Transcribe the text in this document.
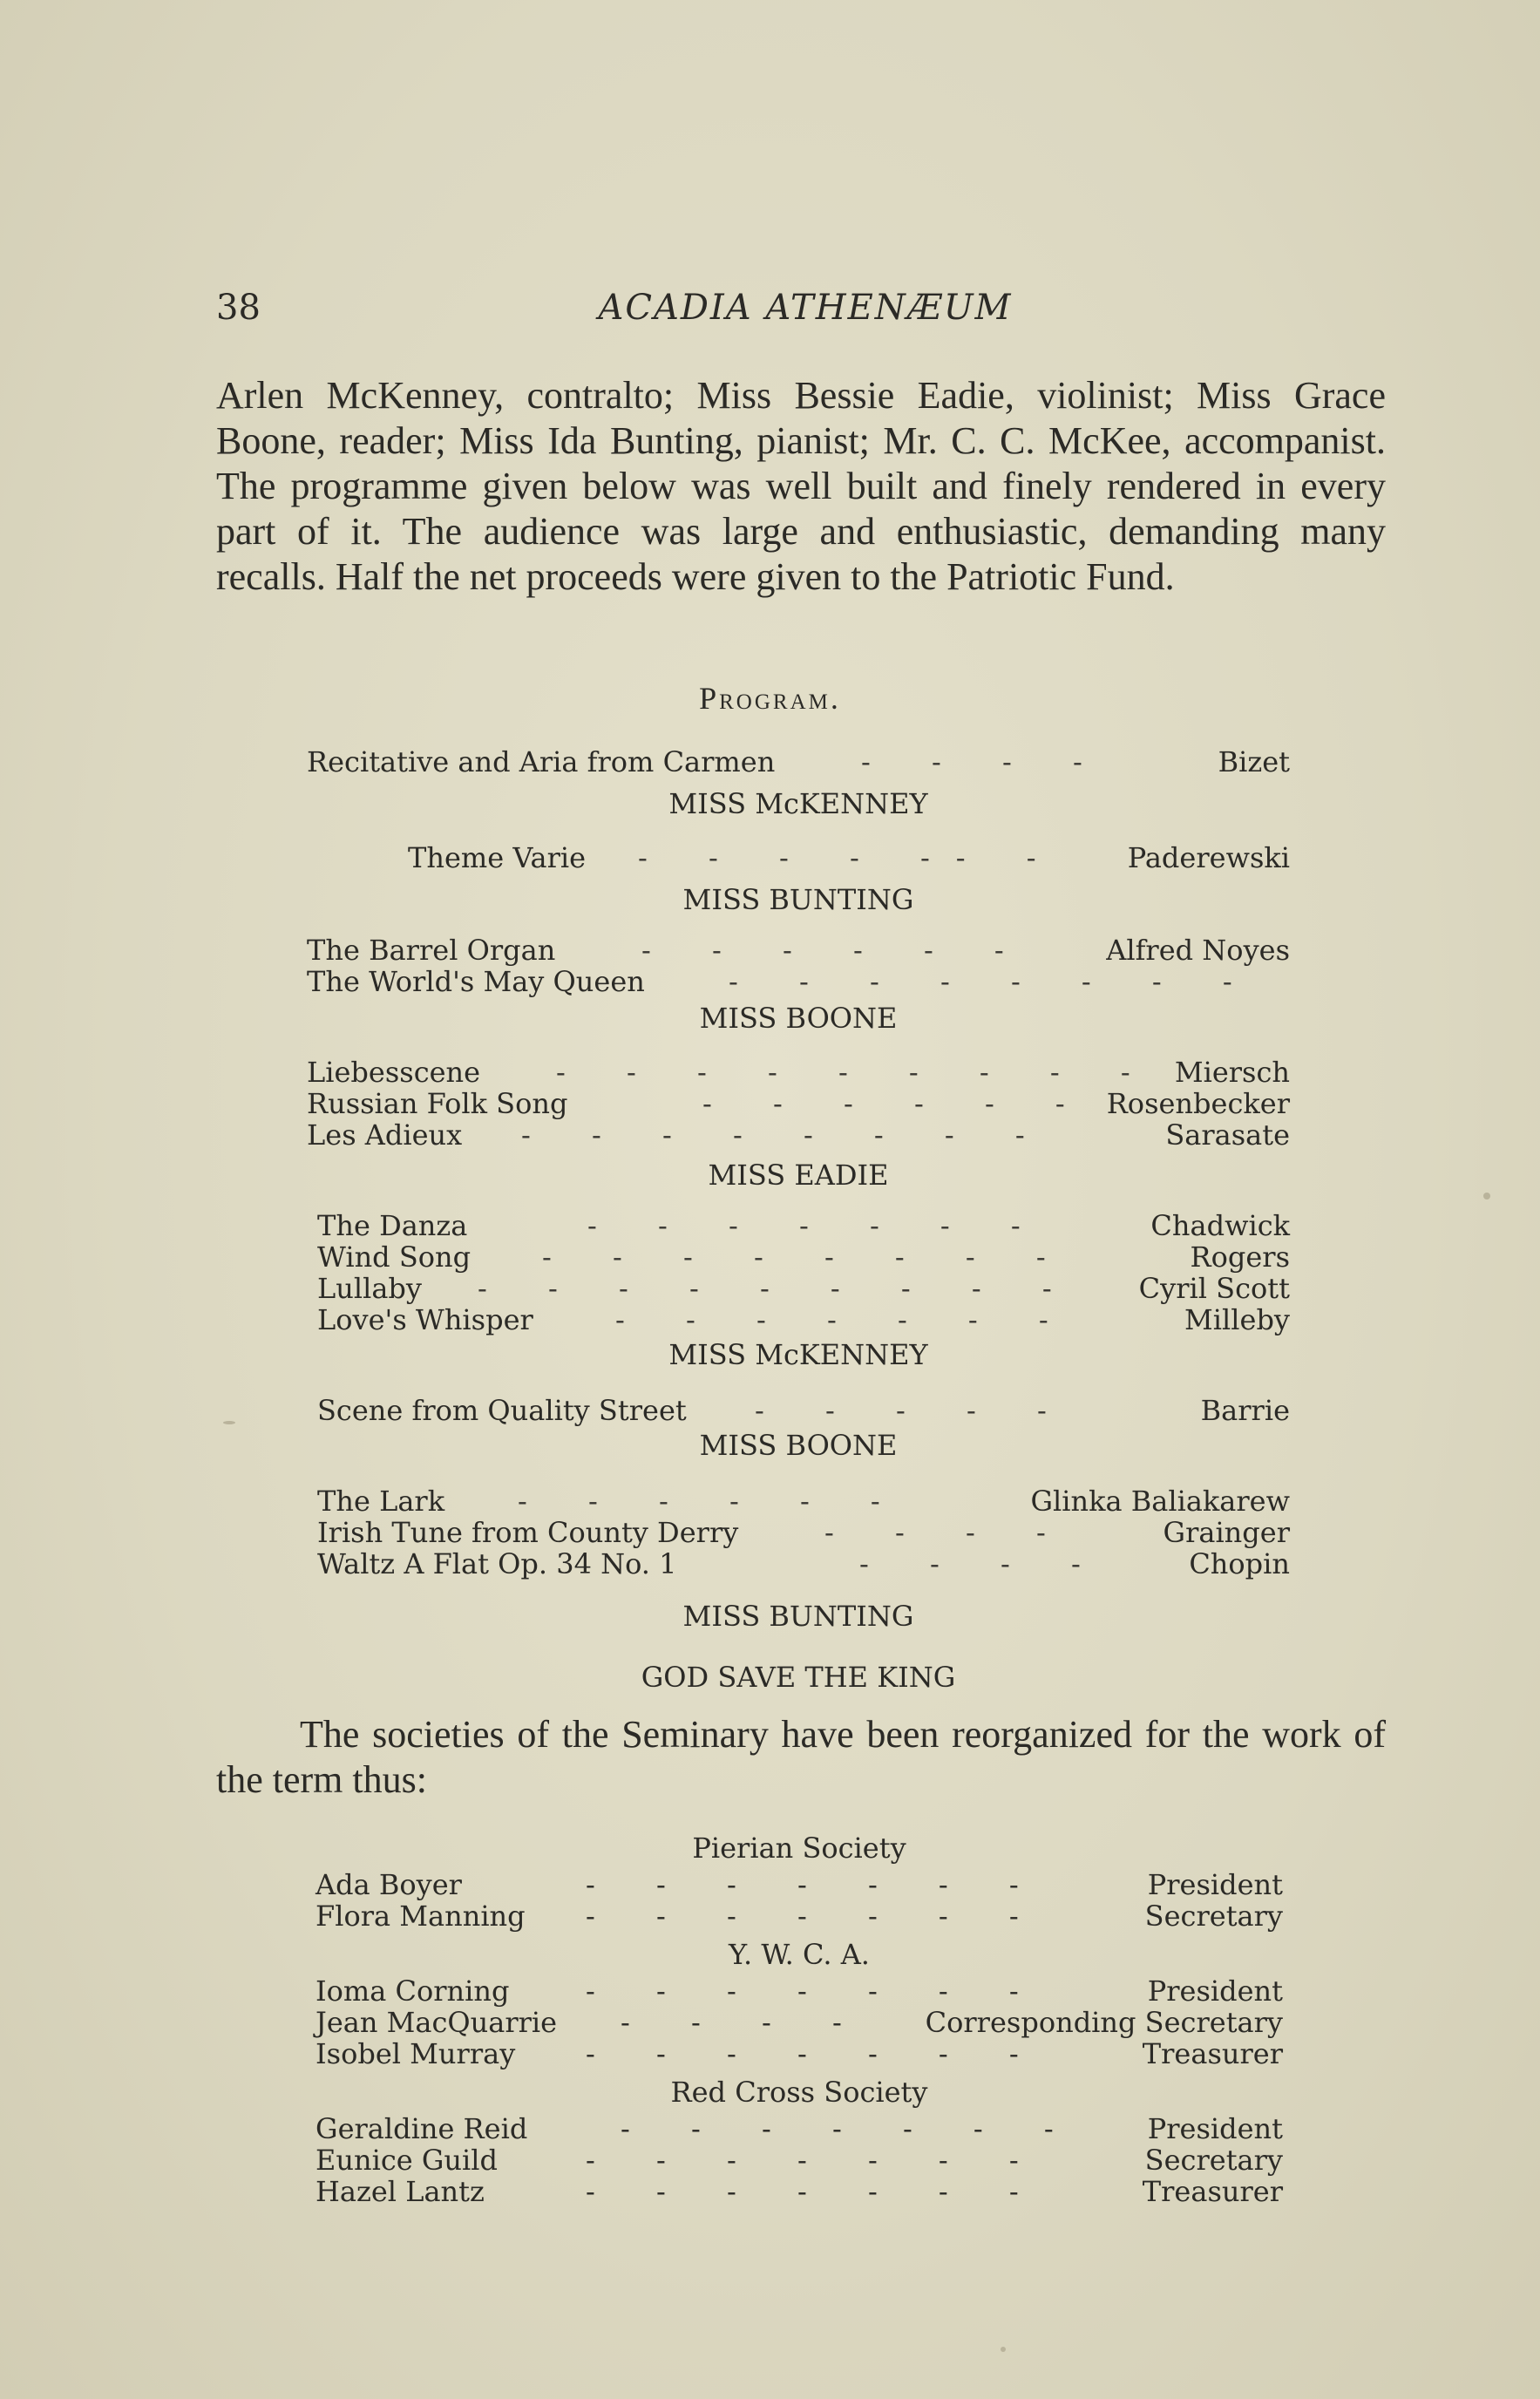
38	ACADIA ATHENÆUM

Arlen McKenney, contralto; Miss Bessie Eadie, violinist; Miss Grace Boone, reader; Miss Ida Bunting, pianist; Mr. C. C. McKee, accompanist. The programme given below was well built and finely rendered in every part of it. The audience was large and enthusiastic, demanding many recalls. Half the net proceeds were given to the Patriotic Fund.

Program.
Recitative and Aria from Carmen	- - - -	Bizet
MISS McKENNEY
Theme Varie - - - - -- - Paderewski
MISS BUNTING
The Barrel Organ	- - - - - -	Alfred Noyes
The World's May Queen	- - - - - - - -
MISS BOONE
Liebesscene	- - - - - - - - - Miersch
Russian Folk Song	- - - - - - Rosenbecker
Les Adieux - - - - - - - -	Sarasate
MISS EADIE
The Danza	- - - - - - -	Chadwick
Wind Song	- - - - - - - -	Rogers
Lullaby - - - - - - - - - Cyril Scott
Love's Whisper	- - - - - - -	Milleby
MISS McKENNEY
Scene from Quality Street - - - - -	Barrie
MISS BOONE
The Lark	- - - - - -	Glinka Baliakarew
Irish Tune from County Derry	- - - -	Grainger
Waltz A Flat Op. 34 No. 1	- - - -	Chopin
MISS BUNTING
GOD SAVE THE KING

The societies of the Seminary have been reorganized for the work of the term thus:

Pierian Society
Ada Boyer	- - - - - - -	President
Flora Manning - - - - - - -	Secretary
Y. W. C. A.
Ioma Corning	- - - - - - -	President
Jean MacQuarrie - - - - Corresponding Secretary
Isobel Murray	- - - - - - -	Treasurer
Red Cross Society
Geraldine Reid	- - - - - - - President
Eunice Guild	- - - - - - -	Secretary
Hazel Lantz	- - - - - - -	Treasurer
